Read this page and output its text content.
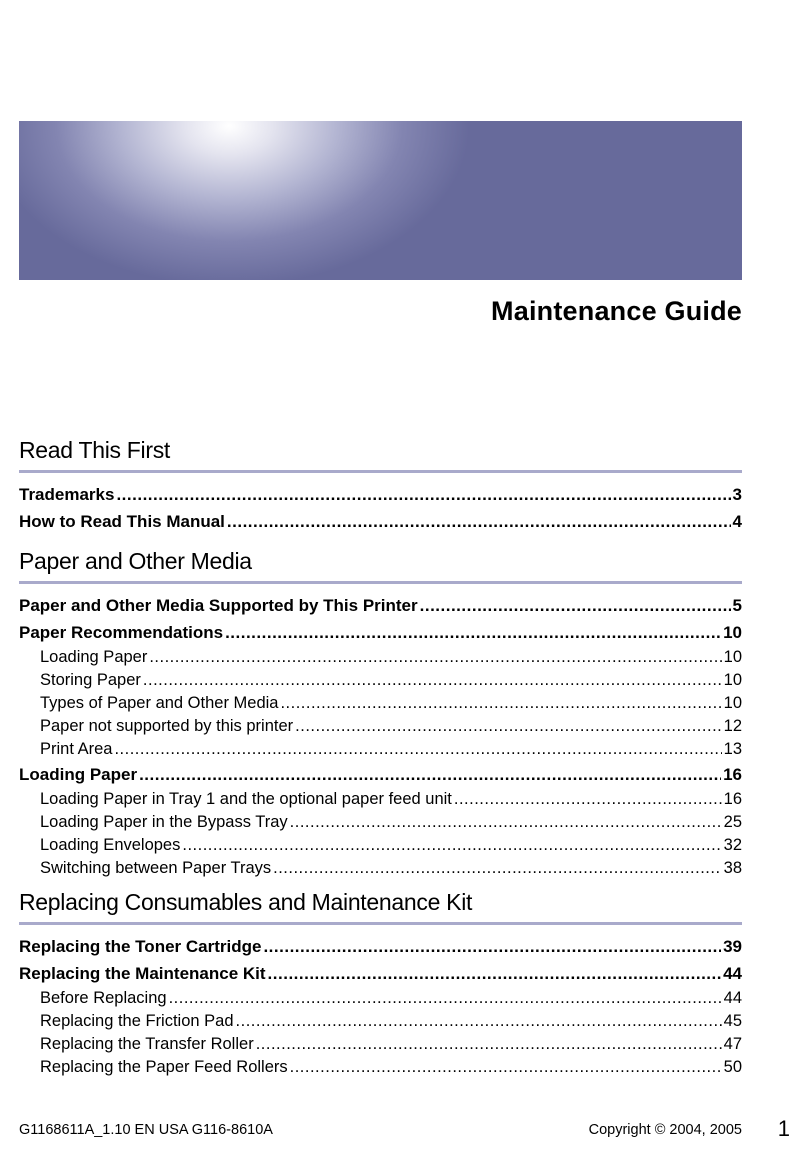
Maintenance Guide
Read This First
Trademarks .....	3
How to Read This Manual .....	4
Paper and Other Media
Paper and Other Media Supported by This Printer .....	5
Paper Recommendations .....	10
Loading Paper .....	10
Storing Paper .....	10
Types of Paper and Other Media .....	10
Paper not supported by this printer .....	12
Print Area .....	13
Loading Paper .....	16
Loading Paper in Tray 1 and the optional paper feed unit .....	16
Loading Paper in the Bypass Tray .....	25
Loading Envelopes .....	32
Switching between Paper Trays .....	38
Replacing Consumables and Maintenance Kit
Replacing the Toner Cartridge .....	39
Replacing the Maintenance Kit .....	44
Before Replacing .....	44
Replacing the Friction Pad .....	45
Replacing the Transfer Roller .....	47
Replacing the Paper Feed Rollers .....	50
G1168611A_1.10 EN USA G116-8610A	Copyright © 2004, 2005 1
